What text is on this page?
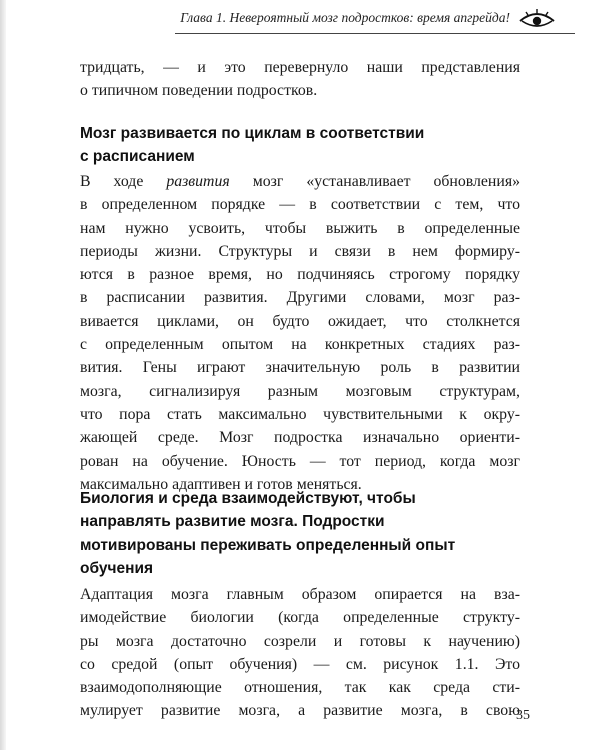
Глава 1. Невероятный мозг подростков: время апгрейда!
тридцать, — и это перевернуло наши представления
о типичном поведении подростков.
Мозг развивается по циклам в соответствии
с расписанием
В ходе развития мозг «устанавливает обновления»
в определенном порядке — в соответствии с тем, что
нам нужно усвоить, чтобы выжить в определенные
периоды жизни. Структуры и связи в нем формиру-
ются в разное время, но подчиняясь строгому порядку
в расписании развития. Другими словами, мозг раз-
вивается циклами, он будто ожидает, что столкнется
с определенным опытом на конкретных стадиях раз-
вития. Гены играют значительную роль в развитии
мозга, сигнализируя разным мозговым структурам,
что пора стать максимально чувствительными к окру-
жающей среде. Мозг подростка изначально ориенти-
рован на обучение. Юность — тот период, когда мозг
максимально адаптивен и готов меняться.
Биология и среда взаимодействуют, чтобы
направлять развитие мозга. Подростки
мотивированы переживать определенный опыт
обучения
Адаптация мозга главным образом опирается на вза-
имодействие биологии (когда определенные структу-
ры мозга достаточно созрели и готовы к научению)
со средой (опыт обучения) — см. рисунок 1.1. Это
взаимодополняющие отношения, так как среда сти-
мулирует развитие мозга, а развитие мозга, в свою
35
